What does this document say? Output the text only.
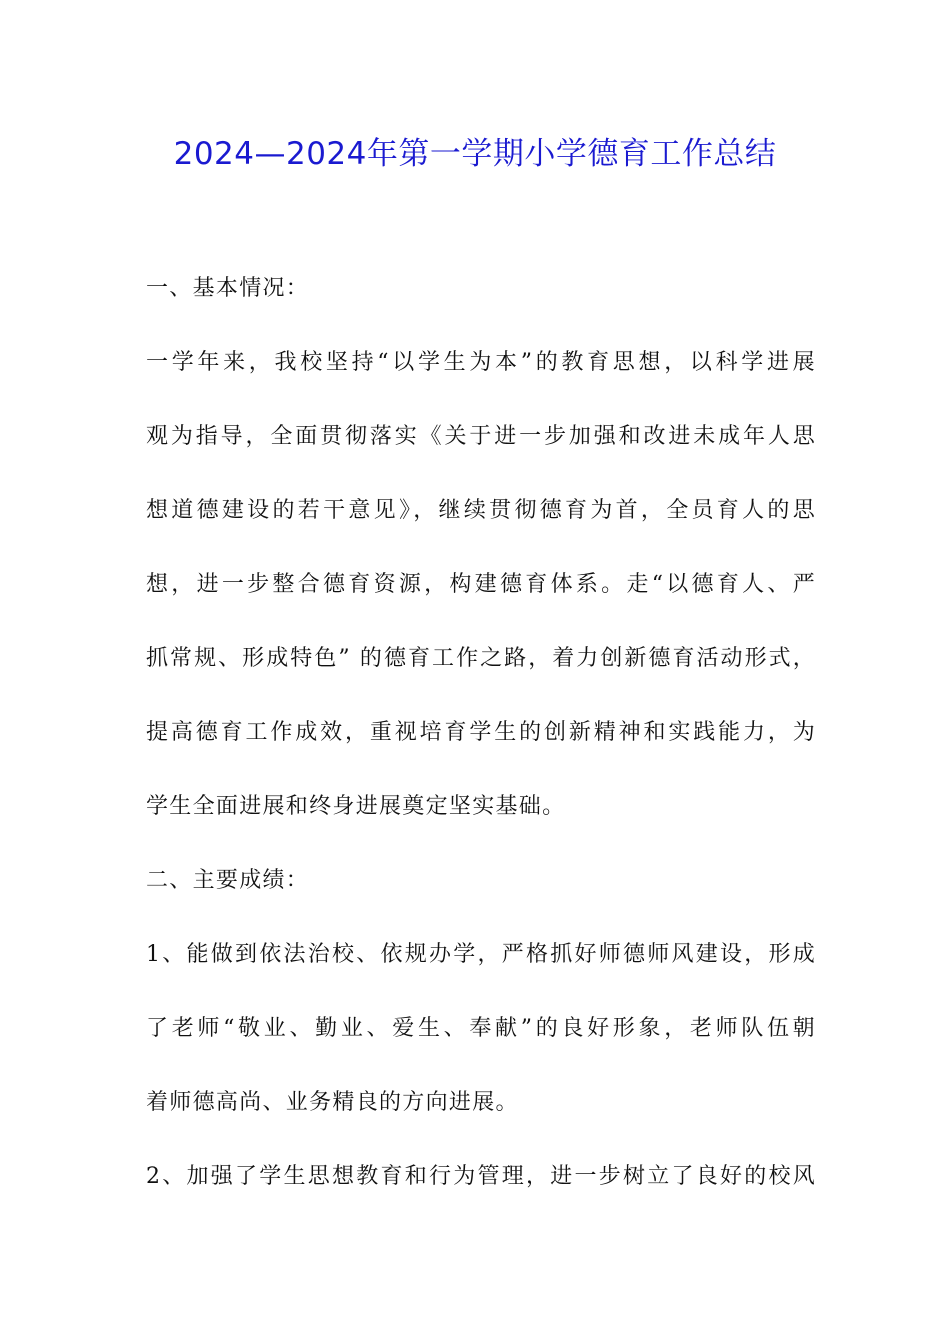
2024—2024年第一学期小学德育工作总结
一、基本情况：
一学年来，我校坚持“以学生为本”的教育思想，以科学进展
观为指导，全面贯彻落实《关于进一步加强和改进未成年人思
想道德建设的若干意见》，继续贯彻德育为首，全员育人的思
想，进一步整合德育资源，构建德育体系。走“以德育人、严
抓常规、形成特色” 的德育工作之路，着力创新德育活动形式，
提高德育工作成效，重视培育学生的创新精神和实践能力，为
学生全面进展和终身进展奠定坚实基础。
二、主要成绩：
1、能做到依法治校、依规办学，严格抓好师德师风建设，形成
了老师“敬业、勤业、爱生、奉献”的良好形象，老师队伍朝
着师德高尚、业务精良的方向进展。
2、加强了学生思想教育和行为管理，进一步树立了良好的校风
